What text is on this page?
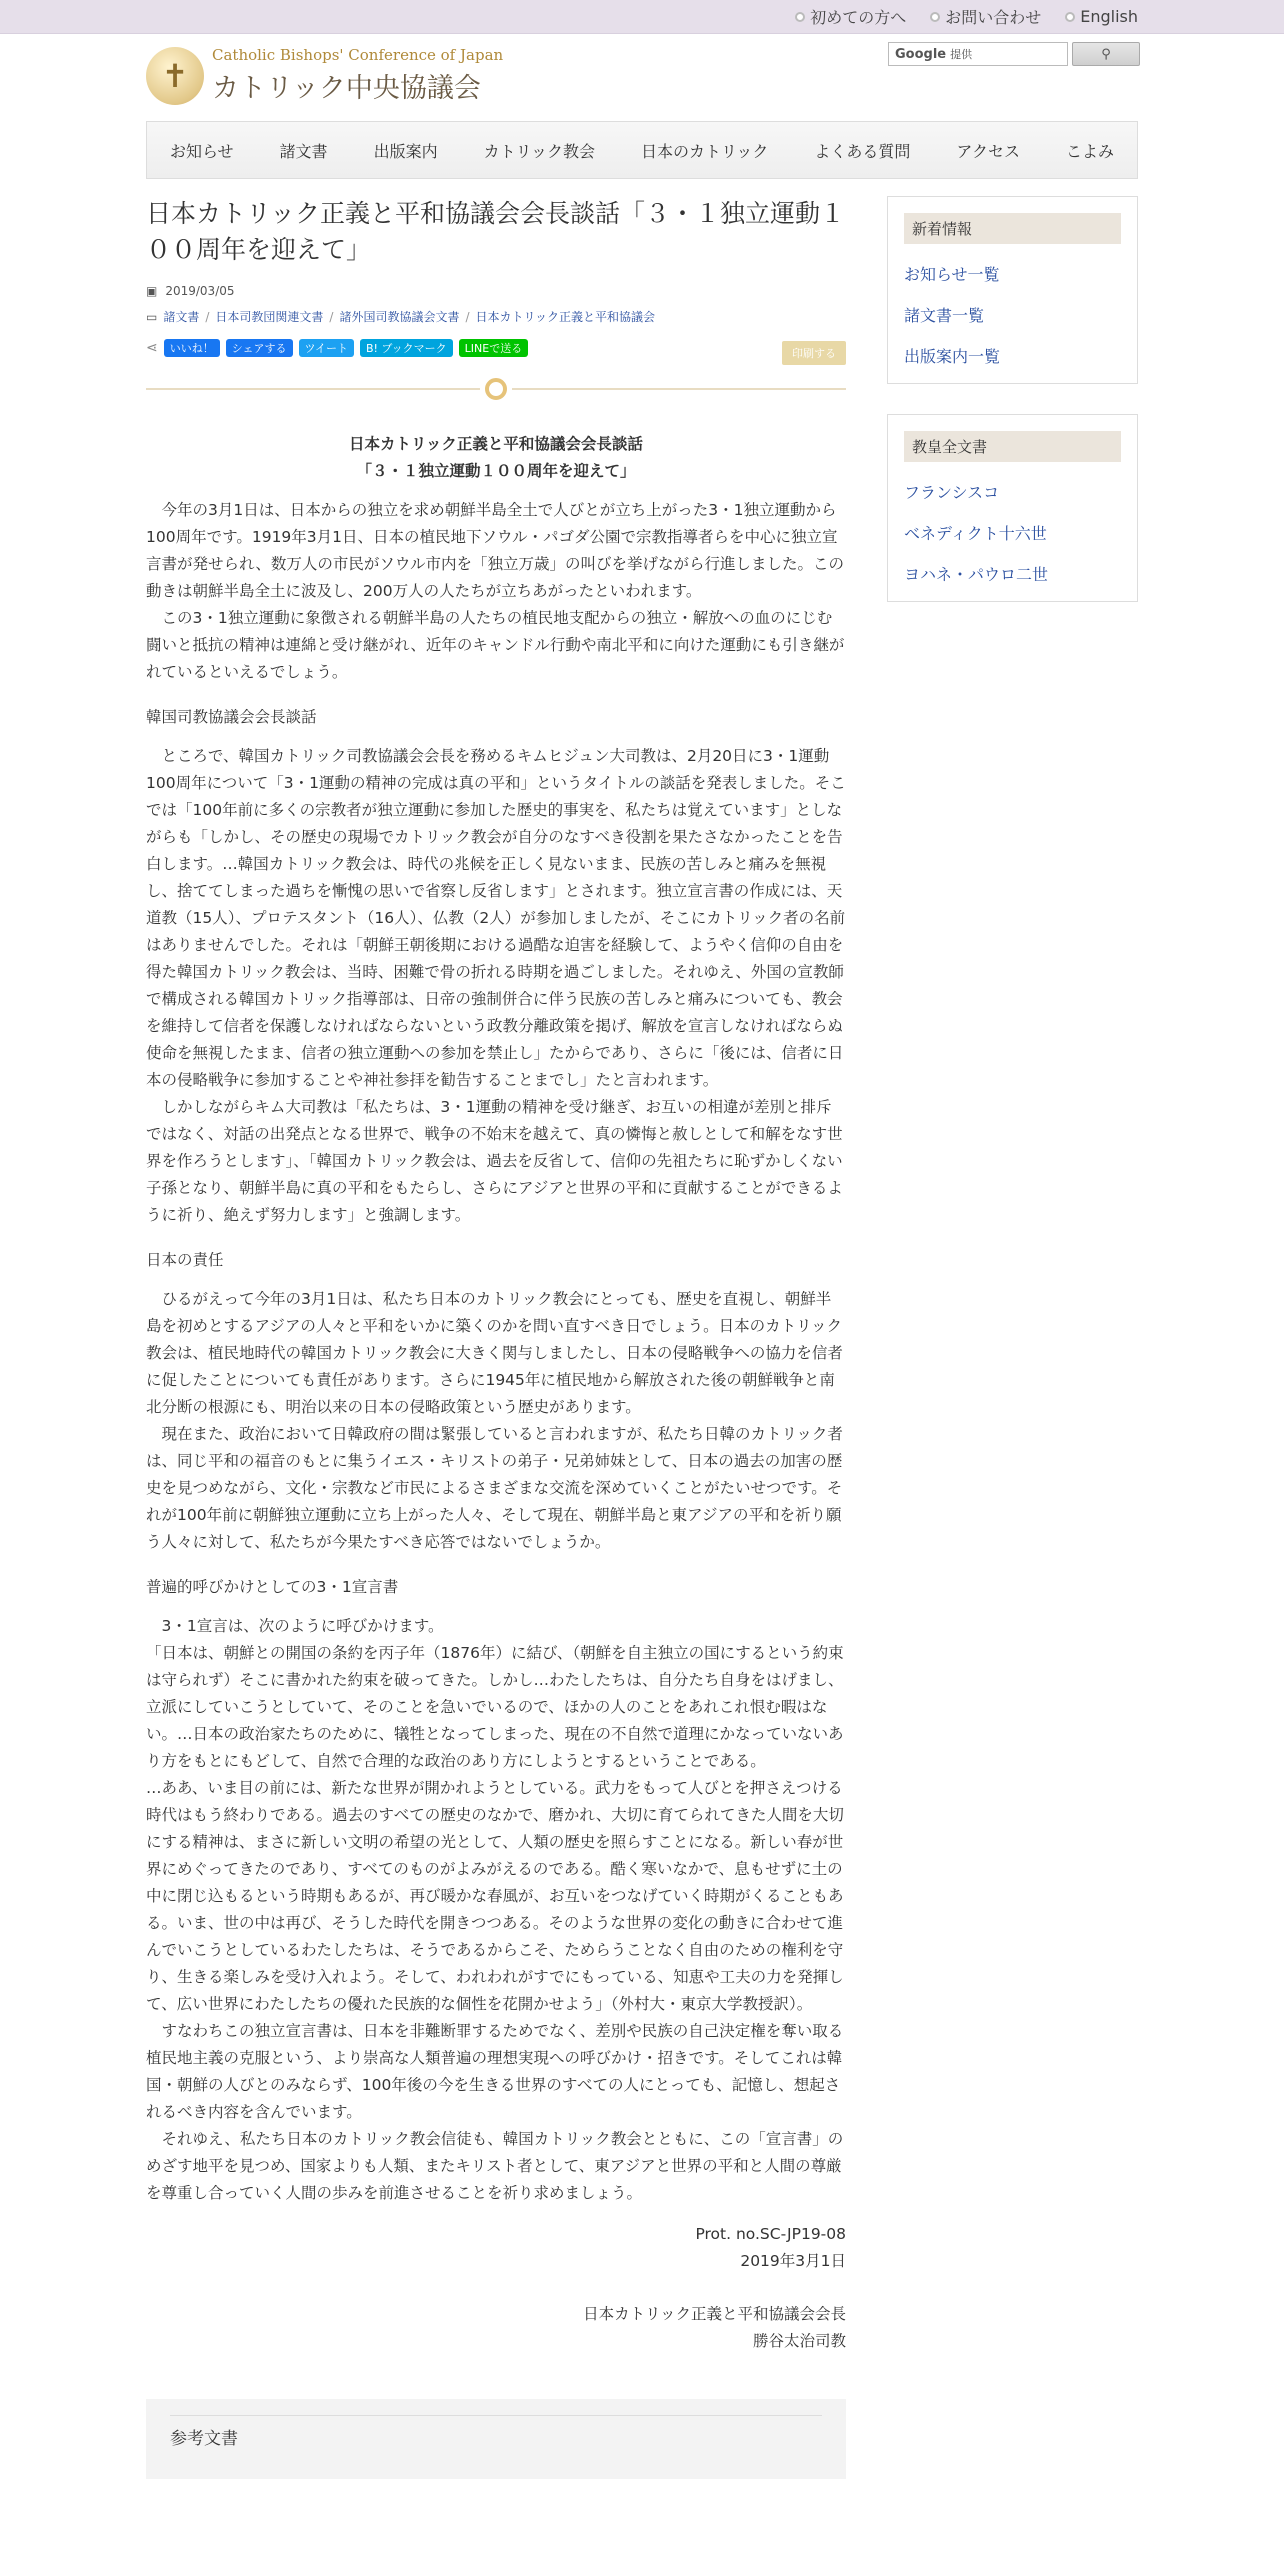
初めての方へ お問い合わせ English
✝
Catholic Bishops' Conference of Japan
カトリック中央協議会
Google 提供	⚲
お知らせ	諸文書	出版案内	カトリック教会	日本のカトリック	よくある質問	アクセス	こよみ
日本カトリック正義と平和協議会会長談話「３・１独立運動１００周年を迎えて」
▣ 2019/03/05
▭ 諸文書 / 日本司教団関連文書 / 諸外国司教協議会文書 / 日本カトリック正義と平和協議会
⋖	いいね！	シェアする	ツイート	B! ブックマーク	LINEで送る	印刷する
日本カトリック正義と平和協議会会長談話
「３・１独立運動１００周年を迎えて」

今年の3月1日は、日本からの独立を求め朝鮮半島全土で人びとが立ち上がった3・1独立運動から100周年です。1919年3月1日、日本の植民地下ソウル・パゴダ公園で宗教指導者らを中心に独立宣言書が発せられ、数万人の市民がソウル市内を「独立万歳」の叫びを挙げながら行進しました。この動きは朝鮮半島全土に波及し、200万人の人たちが立ちあがったといわれます。

この3・1独立運動に象徴される朝鮮半島の人たちの植民地支配からの独立・解放への血のにじむ闘いと抵抗の精神は連綿と受け継がれ、近年のキャンドル行動や南北平和に向けた運動にも引き継がれているといえるでしょう。

韓国司教協議会会長談話

ところで、韓国カトリック司教協議会会長を務めるキムヒジュン大司教は、2月20日に3・1運動100周年について「3・1運動の精神の完成は真の平和」というタイトルの談話を発表しました。そこでは「100年前に多くの宗教者が独立運動に参加した歴史的事実を、私たちは覚えています」としながらも「しかし、その歴史の現場でカトリック教会が自分のなすべき役割を果たさなかったことを告白します。…韓国カトリック教会は、時代の兆候を正しく見ないまま、民族の苦しみと痛みを無視し、捨ててしまった過ちを慚愧の思いで省察し反省します」とされます。独立宣言書の作成には、天道教（15人）、プロテスタント（16人）、仏教（2人）が参加しましたが、そこにカトリック者の名前はありませんでした。それは「朝鮮王朝後期における過酷な迫害を経験して、ようやく信仰の自由を得た韓国カトリック教会は、当時、困難で骨の折れる時期を過ごしました。それゆえ、外国の宣教師で構成される韓国カトリック指導部は、日帝の強制併合に伴う民族の苦しみと痛みについても、教会を維持して信者を保護しなければならないという政教分離政策を掲げ、解放を宣言しなければならぬ使命を無視したまま、信者の独立運動への参加を禁止し」たからであり、さらに「後には、信者に日本の侵略戦争に参加することや神社参拝を勧告することまでし」たと言われます。

しかしながらキム大司教は「私たちは、3・1運動の精神を受け継ぎ、お互いの相違が差別と排斥ではなく、対話の出発点となる世界で、戦争の不始末を越えて、真の憐悔と赦しとして和解をなす世界を作ろうとします」、「韓国カトリック教会は、過去を反省して、信仰の先祖たちに恥ずかしくない子孫となり、朝鮮半島に真の平和をもたらし、さらにアジアと世界の平和に貢献することができるように祈り、絶えず努力します」と強調します。

日本の責任

ひるがえって今年の3月1日は、私たち日本のカトリック教会にとっても、歴史を直視し、朝鮮半島を初めとするアジアの人々と平和をいかに築くのかを問い直すべき日でしょう。日本のカトリック教会は、植民地時代の韓国カトリック教会に大きく関与しましたし、日本の侵略戦争への協力を信者に促したことについても責任があります。さらに1945年に植民地から解放された後の朝鮮戦争と南北分断の根源にも、明治以来の日本の侵略政策という歴史があります。

現在また、政治において日韓政府の間は緊張していると言われますが、私たち日韓のカトリック者は、同じ平和の福音のもとに集うイエス・キリストの弟子・兄弟姉妹として、日本の過去の加害の歴史を見つめながら、文化・宗教など市民によるさまざまな交流を深めていくことがたいせつです。それが100年前に朝鮮独立運動に立ち上がった人々、そして現在、朝鮮半島と東アジアの平和を祈り願う人々に対して、私たちが今果たすべき応答ではないでしょうか。

普遍的呼びかけとしての3・1宣言書

3・1宣言は、次のように呼びかけます。

「日本は、朝鮮との開国の条約を丙子年（1876年）に結び、（朝鮮を自主独立の国にするという約束は守られず）そこに書かれた約束を破ってきた。しかし…わたしたちは、自分たち自身をはげまし、立派にしていこうとしていて、そのことを急いでいるので、ほかの人のことをあれこれ恨む暇はない。…日本の政治家たちのために、犠牲となってしまった、現在の不自然で道理にかなっていないあり方をもとにもどして、自然で合理的な政治のあり方にしようとするということである。
…ああ、いま目の前には、新たな世界が開かれようとしている。武力をもって人びとを押さえつける時代はもう終わりである。過去のすべての歴史のなかで、磨かれ、大切に育てられてきた人間を大切にする精神は、まさに新しい文明の希望の光として、人類の歴史を照らすことになる。新しい春が世界にめぐってきたのであり、すべてのものがよみがえるのである。酷く寒いなかで、息もせずに土の中に閉じ込もるという時期もあるが、再び暖かな春風が、お互いをつなげていく時期がくることもある。いま、世の中は再び、そうした時代を開きつつある。そのような世界の変化の動きに合わせて進んでいこうとしているわたしたちは、そうであるからこそ、ためらうことなく自由のための権利を守り、生きる楽しみを受け入れよう。そして、われわれがすでにもっている、知恵や工夫の力を発揮して、広い世界にわたしたちの優れた民族的な個性を花開かせよう」（外村大・東京大学教授訳）。

すなわちこの独立宣言書は、日本を非難断罪するためでなく、差別や民族の自己決定権を奪い取る植民地主義の克服という、より崇高な人類普遍の理想実現への呼びかけ・招きです。そしてこれは韓国・朝鮮の人びとのみならず、100年後の今を生きる世界のすべての人にとっても、記憶し、想起されるべき内容を含んでいます。

それゆえ、私たち日本のカトリック教会信徒も、韓国カトリック教会とともに、この「宣言書」のめざす地平を見つめ、国家よりも人類、またキリスト者として、東アジアと世界の平和と人間の尊厳を尊重し合っていく人間の歩みを前進させることを祈り求めましょう。

Prot. no.SC-JP19-08
2019年3月1日
日本カトリック正義と平和協議会会長
勝谷太治司教
参考文書
新着情報
お知らせ一覧
諸文書一覧
出版案内一覧
教皇全文書
フランシスコ
ベネディクト十六世
ヨハネ・パウロ二世
